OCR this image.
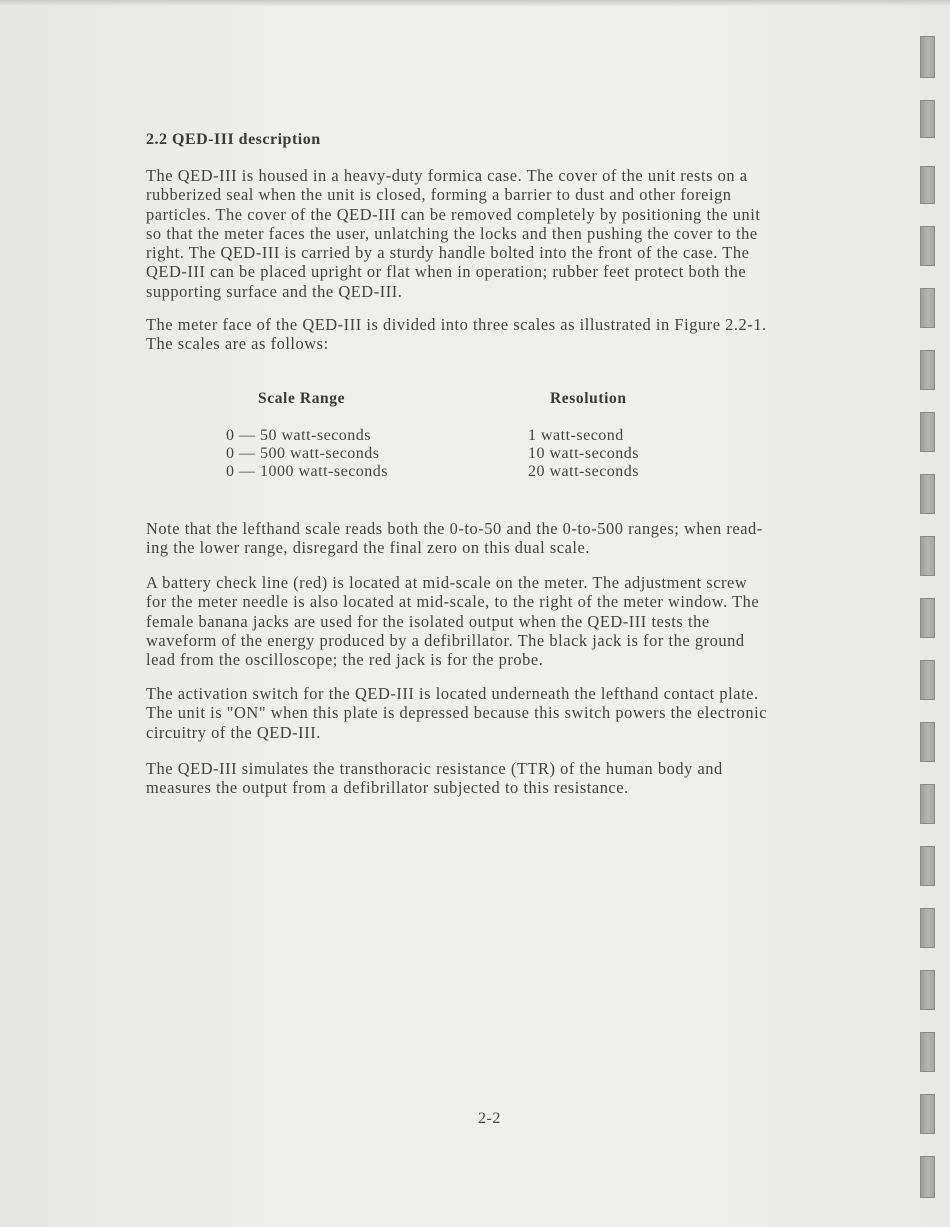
2.2 QED-III description

The QED-III is housed in a heavy-duty formica case. The cover of the unit rests on a
rubberized seal when the unit is closed, forming a barrier to dust and other foreign
particles. The cover of the QED-III can be removed completely by positioning the unit
so that the meter faces the user, unlatching the locks and then pushing the cover to the
right. The QED-III is carried by a sturdy handle bolted into the front of the case. The
QED-III can be placed upright or flat when in operation; rubber feet protect both the
supporting surface and the QED-III.

The meter face of the QED-III is divided into three scales as illustrated in Figure 2.2-1.
The scales are as follows:

Scale Range	Resolution
0 — 50 watt-seconds	1 watt-second
0 — 500 watt-seconds	10 watt-seconds
0 — 1000 watt-seconds	20 watt-seconds

Note that the lefthand scale reads both the 0-to-50 and the 0-to-500 ranges; when read-
ing the lower range, disregard the final zero on this dual scale.

A battery check line (red) is located at mid-scale on the meter. The adjustment screw
for the meter needle is also located at mid-scale, to the right of the meter window. The
female banana jacks are used for the isolated output when the QED-III tests the
waveform of the energy produced by a defibrillator. The black jack is for the ground
lead from the oscilloscope; the red jack is for the probe.

The activation switch for the QED-III is located underneath the lefthand contact plate.
The unit is "ON" when this plate is depressed because this switch powers the electronic
circuitry of the QED-III.

The QED-III simulates the transthoracic resistance (TTR) of the human body and
measures the output from a defibrillator subjected to this resistance.

2-2
